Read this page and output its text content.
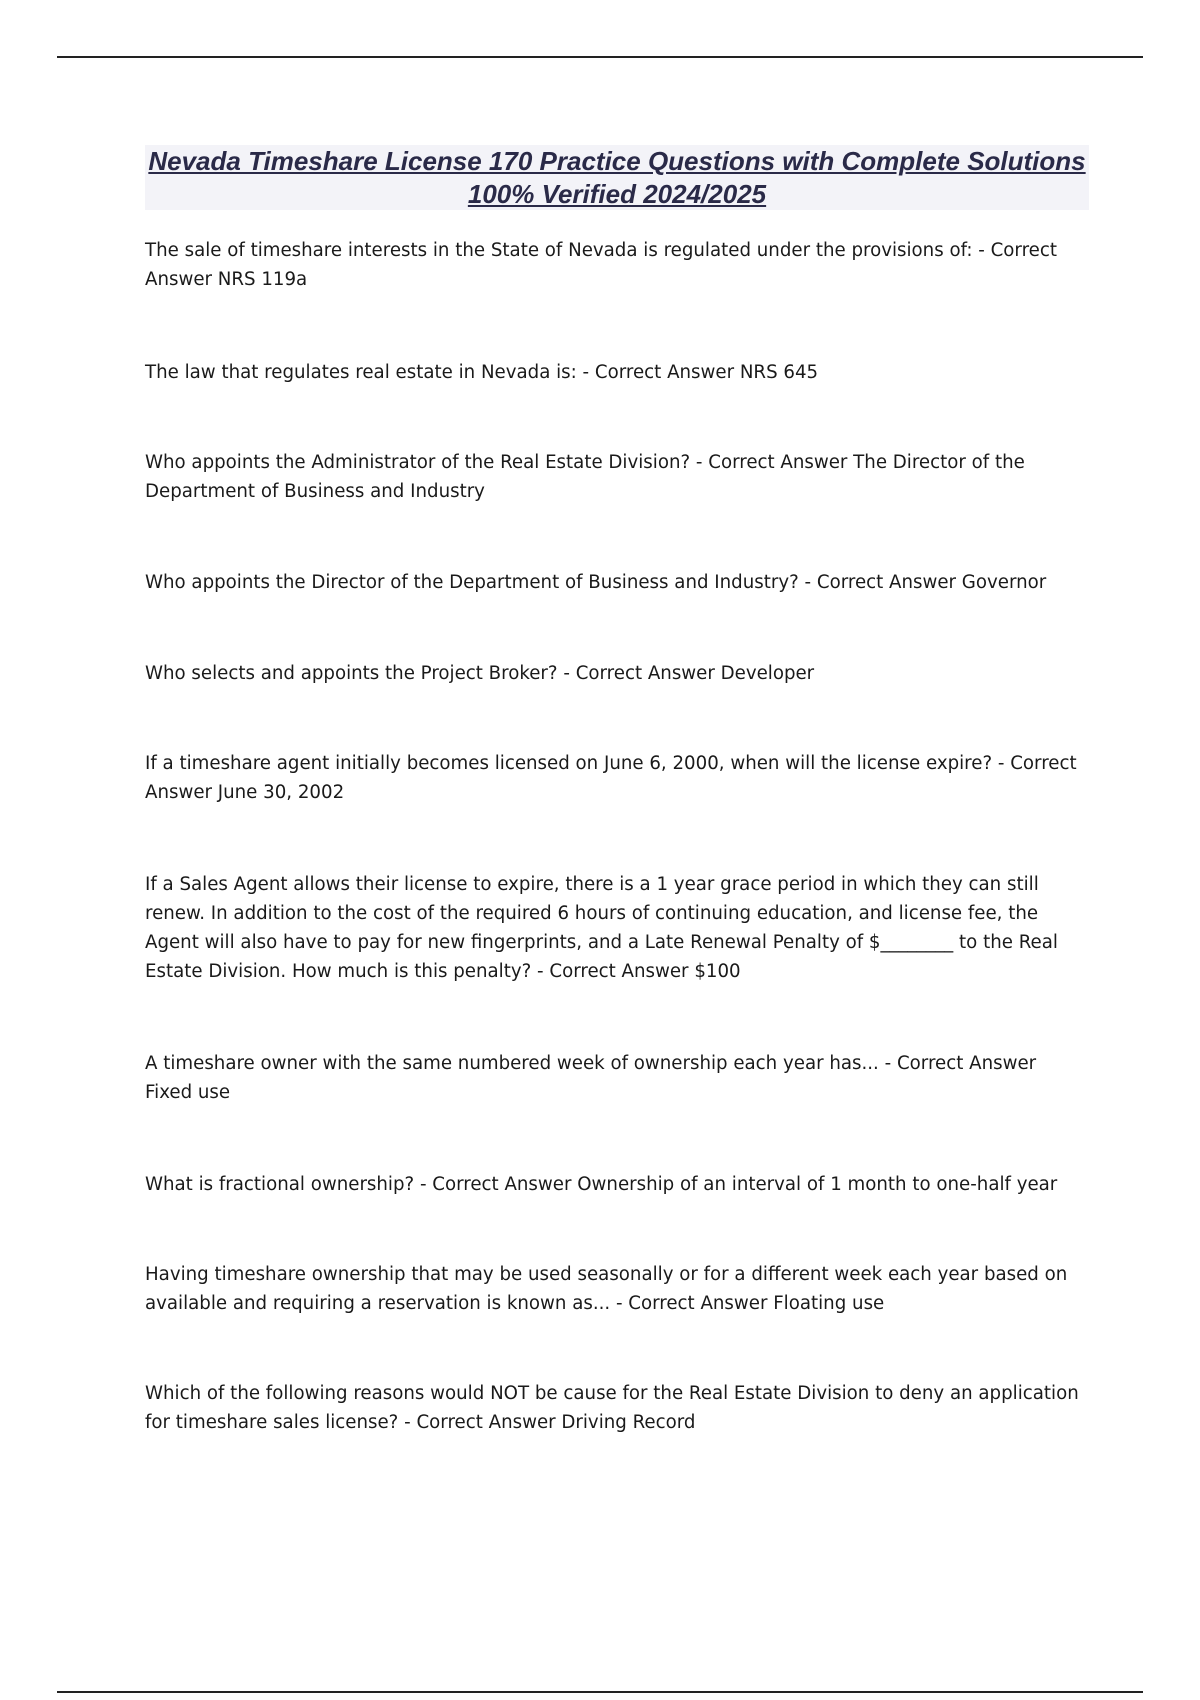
Nevada Timeshare License 170 Practice Questions with Complete Solutions 100% Verified 2024/2025

The sale of timeshare interests in the State of Nevada is regulated under the provisions of: - Correct Answer NRS 119a

The law that regulates real estate in Nevada is: - Correct Answer NRS 645

Who appoints the Administrator of the Real Estate Division? - Correct Answer The Director of the Department of Business and Industry

Who appoints the Director of the Department of Business and Industry? - Correct Answer Governor

Who selects and appoints the Project Broker? - Correct Answer Developer

If a timeshare agent initially becomes licensed on June 6, 2000, when will the license expire? - Correct Answer June 30, 2002

If a Sales Agent allows their license to expire, there is a 1 year grace period in which they can still renew. In addition to the cost of the required 6 hours of continuing education, and license fee, the Agent will also have to pay for new fingerprints, and a Late Renewal Penalty of $________ to the Real Estate Division. How much is this penalty? - Correct Answer $100

A timeshare owner with the same numbered week of ownership each year has... - Correct Answer Fixed use

What is fractional ownership? - Correct Answer Ownership of an interval of 1 month to one-half year

Having timeshare ownership that may be used seasonally or for a different week each year based on available and requiring a reservation is known as... - Correct Answer Floating use

Which of the following reasons would NOT be cause for the Real Estate Division to deny an application for timeshare sales license? - Correct Answer Driving Record
